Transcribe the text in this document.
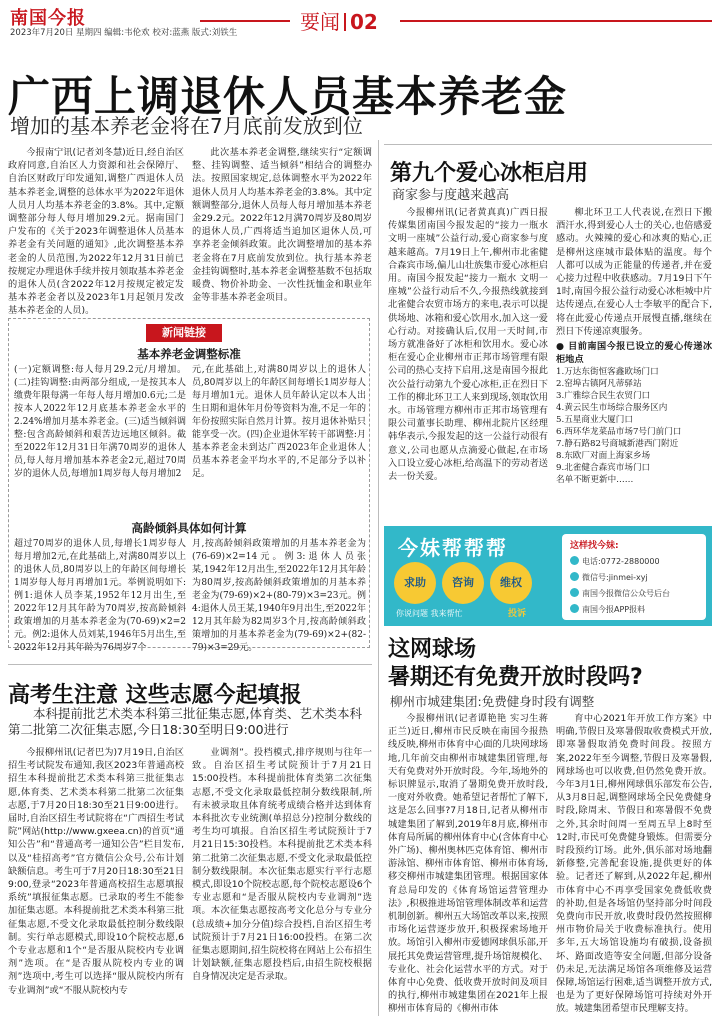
南国今报
2023年7月20日 星期四 编辑:韦伦欢 校对:蓝燕 版式:刘铁生	要闻 02
广西上调退休人员基本养老金
增加的基本养老金将在7月底前发放到位

今报南宁讯(记者刘冬慧)近日,经自治区政府同意,自治区人力资源和社会保障厅、自治区财政厅印发通知,调整广西退休人员基本养老金,调整的总体水平为2022年退休人员月人均基本养老金的3.8%。其中,定额调整部分每人每月增加29.2元。据南国门户发布的《关于2023年调整退休人员基本养老金有关问题的通知》,此次调整基本养老金的人员范围,为2022年12月31日前已按规定办理退休手续并按月领取基本养老金的退休人员(含2022年12月按规定被定发基本养老金者以及2023年1月起领月发改基本养老金的人员)。

此次基本养老金调整,继续实行“定额调整、挂钩调整、适当倾斜”相结合的调整办法。按照国家规定,总体调整水平为2022年退休人员月人均基本养老金的3.8%。其中定额调整部分,退休人员每人每月增加基本养老金29.2元。2022年12月满70周岁及80周岁的退休人员,广西将适当追加区退休人员,可享养老金倾斜政策。此次调整增加的基本养老金将在7月底前发放到位。执行基本养老金挂钩调整时,基本养老金调整基数不包括取暖费、物价补助金、一次性抚恤金和职业年金等非基本养老金项目。

新闻链接
基本养老金调整标准
(一)定额调整:每人每月29.2元/月增加。(二)挂钩调整:由两部分组成,一是按其本人缴费年限每满一年每人每月增加0.6元;二是按本人2022年12月底基本养老金水平的2.24%增加月基本养老金。(三)适当倾斜调整:包含高龄倾斜和艰苦边远地区倾斜。截至2022年12月31日年满70周岁的退休人员,每人每月增加基本养老金2元,超过70周岁的退休人员,每增加1周岁每人每月增加2
元,在此基础上,对满80周岁以上的退休人员,80周岁以上的年龄区间每增长1周岁每人每月增加1元。退休人员年龄认定以本人出生日期和退休年月份等资料为准,不足一年的年份按照实际自然月计算。按月退休补贴只能享受一次。(四)企业退休军转干部调整:月基本养老金未到达广西2023年企业退休人员基本养老金平均水平的,不足部分予以补足。
高龄倾斜具体如何计算
超过70周岁的退休人员,每增长1周岁每人每月增加2元,在此基础上,对满80周岁以上的退休人员,80周岁以上的年龄区间每增长1周岁每人每月再增加1元。举例说明如下:例1:退休人员李某,1952年12月出生,至2022年12月其年龄为70周岁,按高龄倾斜政策增加的月基本养老金为(70-69)×2=2元。例2:退休人员刘某,1946年5月出生,至2022年12月其年龄为76周岁7个
月,按高龄倾斜政策增加的月基本养老金为(76-69)×2=14元。例3:退休人员张某,1942年12月出生,至2022年12月其年龄为80周岁,按高龄倾斜政策增加的月基本养老金为(79-69)×2+(80-79)×3=23元。例4:退休人员王某,1940年9月出生,至2022年12月其年龄为82周岁3个月,按高龄倾斜政策增加的月基本养老金为(79-69)×2+(82-79)×3=29元。
高考生注意 这些志愿今起填报
本科提前批艺术类本科第三批征集志愿,体育类、艺术类本科第二批第二次征集志愿,今日18:30至明日9:00进行

今报柳州讯(记者巴为)7月19日,自治区招生考试院发布通知,我区2023年普通高校招生本科提前批艺术类本科第三批征集志愿,体育类、艺术类本科第二批第二次征集志愿,于7月20日18:30至21日9:00进行。届时,自治区招生考试院将在“广西招生考试院”网站(http://www.gxeea.cn)的首页“通知公告”和“普通高考一通知公告”栏目发布,以及“桂招高考”官方微信公众号,公布计划缺额信息。考生可于7月20日18:30至21日9:00,登录“2023年普通高校招生志愿填报系统”填报征集志愿。已录取的考生不能参加征集志愿。本科提前批艺术类本科第三批征集志愿,不受文化录取最低控制分数线限制。实行单志愿模式,即设10个院校志愿,6个专业志愿和1个“是否服从院校内专业调剂”选项。在“是否服从院校内专业的调剂”选项中,考生可以选择“服从院校内所有专业调剂”或“不服从院校内专

业调剂”。投档模式,排序规则与往年一致。自治区招生考试院预计于7月21日15:00投档。本科提前批体育类第二次征集志愿,不受文化录取最低控制分数线限制,所有未被录取且体育统考成绩合格并达到体育本科批次专业统测(单招总分)控制分数线的考生均可填报。自治区招生考试院预计于7月21日15:30投档。本科提前批艺术类本科第二批第二次征集志愿,不受文化录取最低控制分数线限制。本次征集志愿实行平行志愿模式,即设10个院校志愿,每个院校志愿设6个专业志愿和“是否服从院校内专业调剂”选项。本次征集志愿按高考文化总分与专业分(总成绩+加分分值)综合投档,自治区招生考试院预计于7月21日16:00投档。在第二次征集志愿期间,招生院校将在网站上公布招生计划缺额,征集志愿投档后,由招生院校根据自身情况决定是否录取。

第九个爱心冰柜启用
商家参与度越来越高

今报柳州讯(记者黄真真)广西日报传媒集团南国今报发起的“接力一瓶水 文明一座城”公益行动,爱心商家参与度越来越高。7月19日上午,柳州市北雀健合森宾市场,偏儿山壮族集市爱心冰柜启用。南国今报发起“接力一瓶水 文明一座城”公益行动后不久,今报热线就接到北雀健合农贸市场方的来电,表示可以提供场地、冰箱和爱心饮用水,加入这一爱心行动。对接确认后,仅用一天时间,市场方就准备好了冰柜和饮用水。爱心冰柜在爱心企业柳州市正邦市场管理有限公司的热心支持下启用,这是南国今报此次公益行动第九个爱心冰柜,正在烈日下工作的柳北环卫工人来到现场,领取饮用水。市场管理方柳州市正邦市场管理有限公司董事长助理、柳州北院片区经理韩华表示,今报发起的这一公益行动很有意义,公司也愿从点滴爱心做起,在市场入口设立爱心冰柜,给高温下的劳动者送去一份关爱。

柳北环卫工人代表说,在烈日下搬酒汗水,得到爱心人士的关心,也倍感爱感动。火辣辣的爱心和冰爽的贴心,正是柳州这座城市最体贴的温度。每个人都可以成为正能量的传递者,并在爱心接力过程中收获感动。7月19日下午1时,南国今报公益行动爱心冰柜城中片达传递点,在爱心人士李敏平的配合下,将在此爱心传递点开展慢直播,继续在烈日下传递凉爽服务。

● 目前南国今报已设立的爱心传递冰柜地点
1.万达东街恒客鑫欧场门口
2.窑埠古镇阿凡蒂驿站
3.广雅综合民生农贸门口
4.黄云民生市场综合服务区内
5.五星商业大厦门口
6.西环华龙菜品市场7号门前门口
7.静石路82号商城新港西门附近
8.东欧厂对面上海家乡场
9.北雀健合森宾市场门口
名单不断更新中……
今妹帮帮帮
求助	咨询	维权
你说问题 我来帮忙	投诉
这样找今妹:
电话:0772-2880000
微信号:jinmei-xyj
南国今报微信公众号后台
南国今报APP报料
这网球场
暑期还有免费开放时段吗?
柳州市城建集团:免费健身时段有调整

今报柳州讯(记者谭艳艳 实习生蒋正兰)近日,柳州市民反映在南国今报热线反映,柳州市体育中心面的几块网球场地,几年前交由柳州市城建集团管理,每天有免费对外开放时段。今年,场地外的标识牌显示,取消了暑期免费开放时段,一度对外收费。她希望记者帮忙了解下,这是怎么回事?7月18日,记者从柳州市城建集团了解到,2019年8月底,柳州市体育局所属的柳州体育中心(含体育中心外广场)、柳州奥林匹克体育馆、柳州市游泳馆、柳州市体育馆、柳州市体育场,移交柳州市城建集团管理。根据国家体育总局印发的《体育场馆运营管理办法》,积极推进场馆管理体制改革和运营机制创新。柳州五大场馆改革以来,按照市场化运营逐步放开,积极探索场地开放。场馆引入柳州市爱德网球俱乐部,开展托其免费运营管理,提升场馆规模化、专业化、社会化运营水平的方式。对于体育中心免费、低收费开放时间及项目的执行,柳州市城建集团在2021年上报柳州市体育局的《柳州市体

育中心2021年开放工作方案》中明确,节假日及寒暑假取收费模式开放,即寒暑假取消免费时间段。按照方案,2022年至今调整,节假日及寒暑假,网球场也可以收费,但仍然免费开放。今年3月1日,柳州网球俱乐部发布公告,从3月8日起,调整网球场全民免费健身时段,除周末、节假日和寒暑假不免费之外,其余时间周一至周五早上8时至12时,市民可免费健身锻炼。但需要分时段预约订场。此外,俱乐部对场地翻新修整,完善配套设施,提供更好的体验。记者还了解到,从2022年起,柳州市体育中心不再享受国家免费低收费的补助,但是各场馆仍坚持部分时间段免费向市民开放,收费时段仍然按照柳州市物价局关于收费标准执行。使用多年,五大场馆设施均有破损,设备损坏、路面改造等安全问题,但部分设备仍未足,无法满足场馆各项维修及运营保障,场馆运行困难,适当调整开放方式,也是为了更好保障场馆可持续对外开放。城建集团希望市民理解支持。
